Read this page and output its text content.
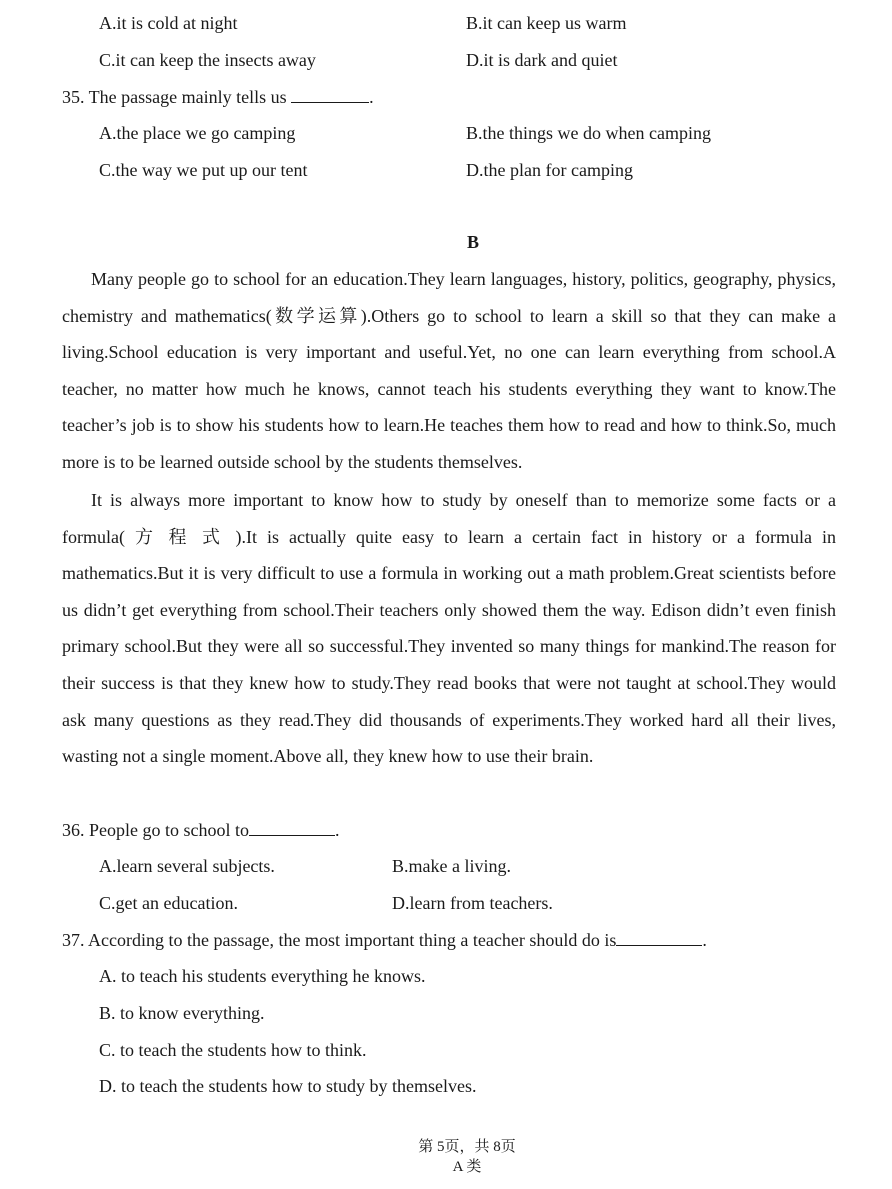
A.it is cold at night	B.it can keep us warm
C.it can keep the insects away	D.it is dark and quiet
35. The passage mainly tells us	.
A.the place we go camping	B.the things we do when camping
C.the way we put up our tent	D.the plan for camping
B

Many people go to school for an education.They learn languages, history, politics, geography, physics, chemistry and mathematics(数学运算).Others go to school to learn a skill so that they can make a living.School education is very important and useful.Yet, no one can learn everything from school.A teacher, no matter how much he knows, cannot teach his students everything they want to know.The teacher’s job is to show his students how to learn.He teaches them how to read and how to think.So, much more is to be learned outside school by the students themselves.

It is always more important to know how to study by oneself than to memorize some facts or a formula( 方 程 式 ).It is actually quite easy to learn a certain fact in history or a formula in mathematics.But it is very difficult to use a formula in working out a math problem.Great scientists before us didn’t get everything from school.Their teachers only showed them the way. Edison didn’t even finish primary school.But they were all so successful.They invented so many things for mankind.The reason for their success is that they knew how to study.They read books that were not taught at school.They would ask many questions as they read.They did thousands of experiments.They worked hard all their lives, wasting not a single moment.Above all, they knew how to use their brain.

36. People go to school to	.
A.learn several subjects.	B.make a living.
C.get an education.	D.learn from teachers.
37. According to the passage, the most important thing a teacher should do is	.
A. to teach his students everything he knows.
B. to know everything.
C. to teach the students how to think.
D. to teach the students how to study by themselves.
第 5页，共 8页
A 类
